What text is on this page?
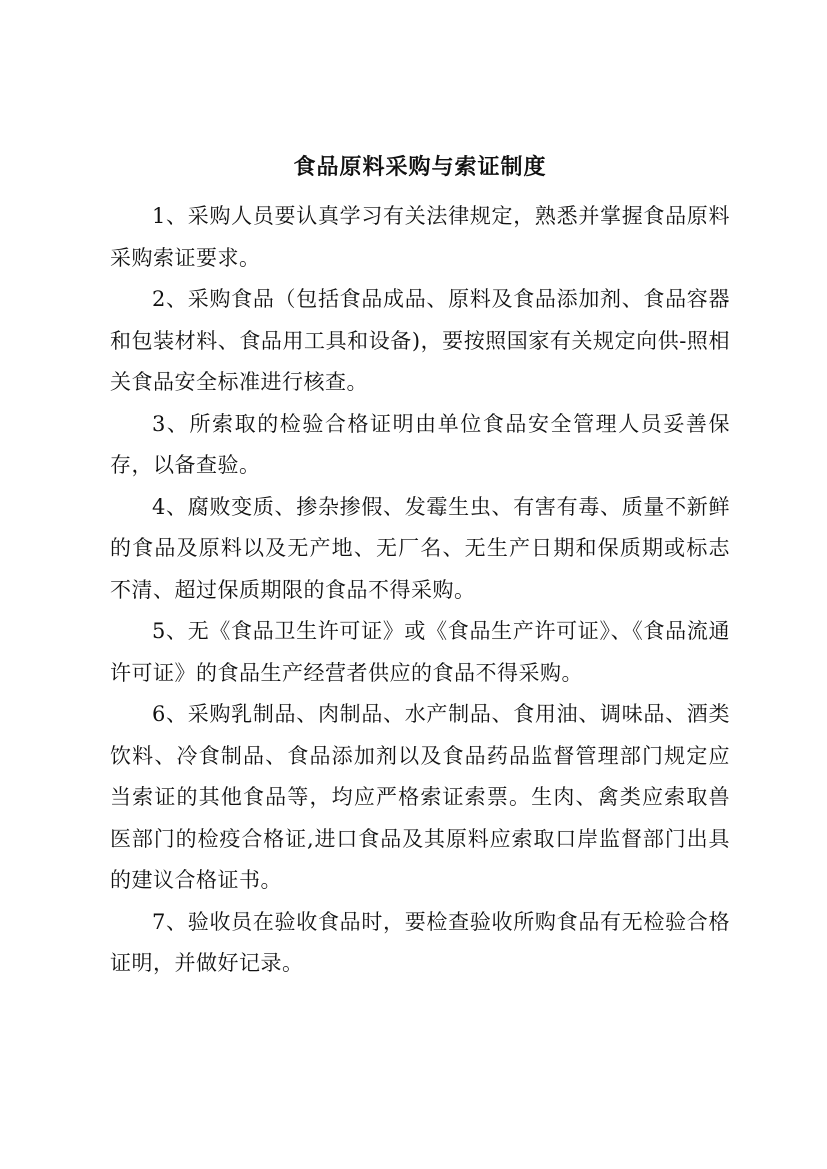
食品原料采购与索证制度

1、采购人员要认真学习有关法律规定，熟悉并掌握食品原料采购索证要求。

2、采购食品（包括食品成品、原料及食品添加剂、食品容器和包装材料、食品用工具和设备)，要按照国家有关规定向供-照相关食品安全标准进行核查。

3、所索取的检验合格证明由单位食品安全管理人员妥善保存，以备查验。

4、腐败变质、掺杂掺假、发霉生虫、有害有毒、质量不新鲜的食品及原料以及无产地、无厂名、无生产日期和保质期或标志不清、超过保质期限的食品不得采购。

5、无《食品卫生许可证》或《食品生产许可证》、《食品流通许可证》的食品生产经营者供应的食品不得采购。

6、采购乳制品、肉制品、水产制品、食用油、调味品、酒类饮料、冷食制品、食品添加剂以及食品药品监督管理部门规定应当索证的其他食品等，均应严格索证索票。生肉、禽类应索取兽医部门的检疫合格证,进口食品及其原料应索取口岸监督部门出具的建议合格证书。

7、验收员在验收食品时，要检查验收所购食品有无检验合格证明，并做好记录。
